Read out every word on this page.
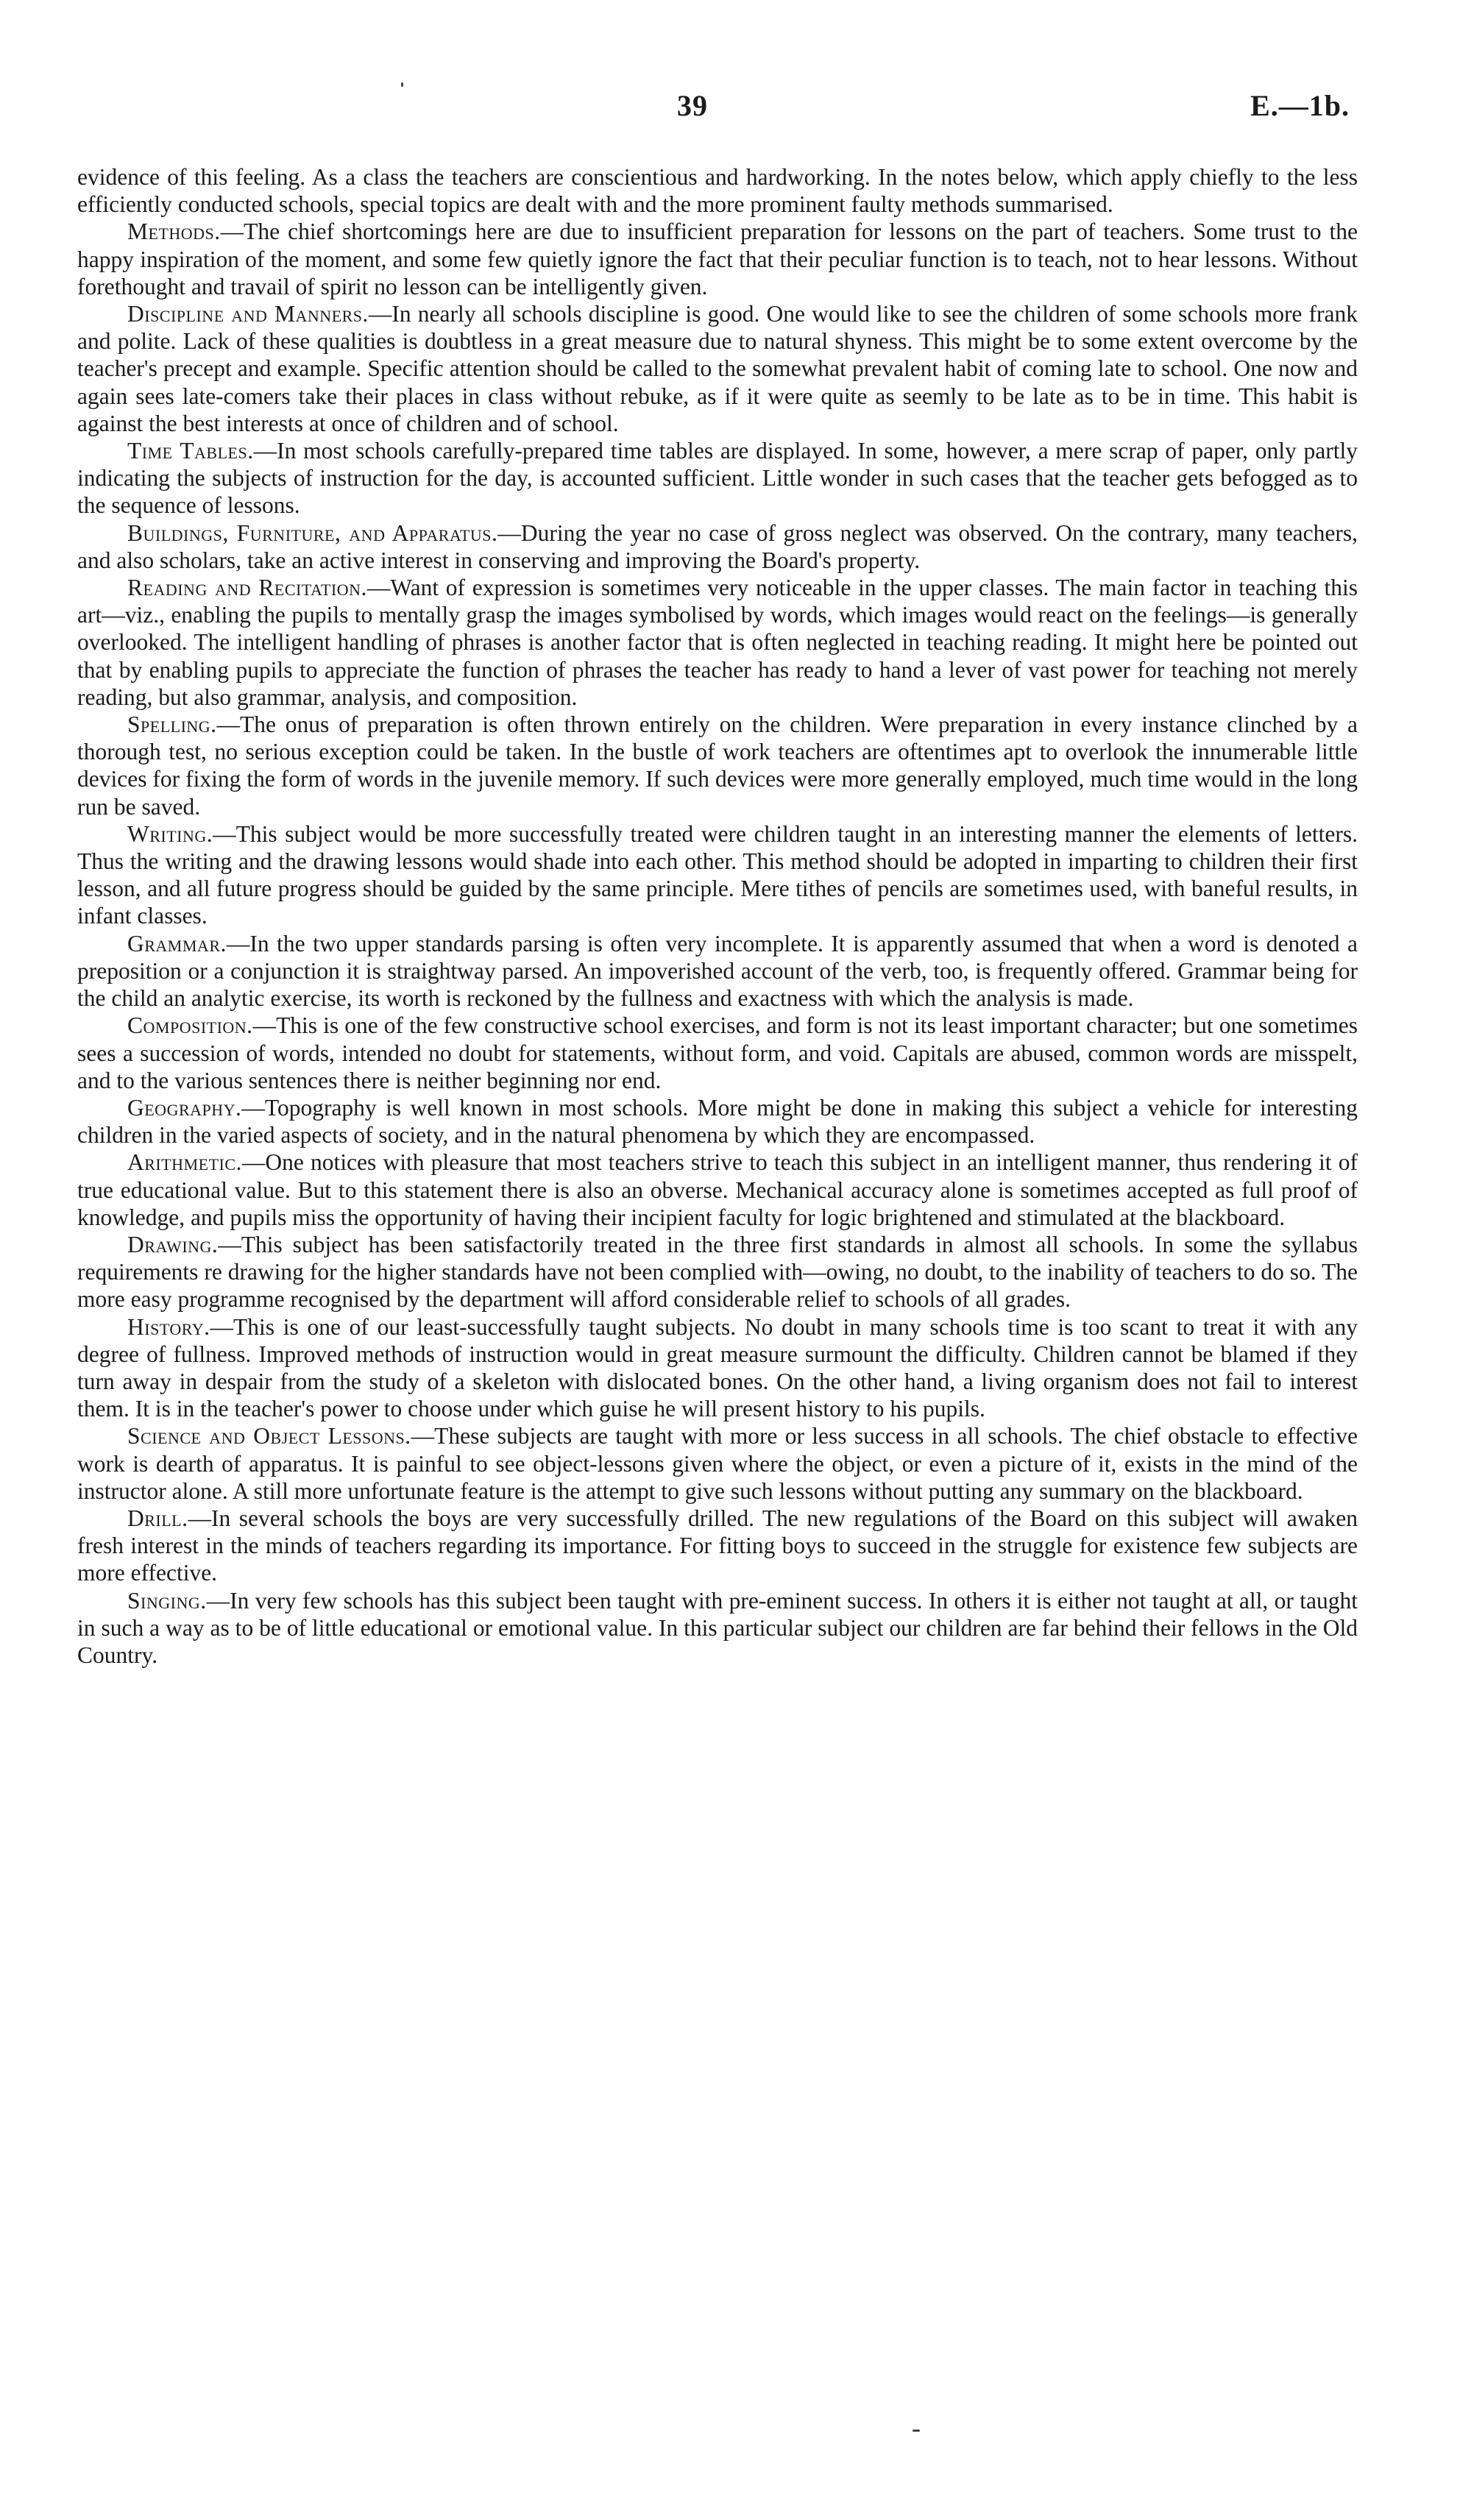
39	E.—1b.

evidence of this feeling. As a class the teachers are conscientious and hardworking. In the notes below, which apply chiefly to the less efficiently conducted schools, special topics are dealt with and the more prominent faulty methods summarised.

Methods.—The chief shortcomings here are due to insufficient preparation for lessons on the part of teachers. Some trust to the happy inspiration of the moment, and some few quietly ignore the fact that their peculiar function is to teach, not to hear lessons. Without forethought and travail of spirit no lesson can be intelligently given.

Discipline and Manners.—In nearly all schools discipline is good. One would like to see the children of some schools more frank and polite. Lack of these qualities is doubtless in a great measure due to natural shyness. This might be to some extent overcome by the teacher's precept and example. Specific attention should be called to the somewhat prevalent habit of coming late to school. One now and again sees late-comers take their places in class without rebuke, as if it were quite as seemly to be late as to be in time. This habit is against the best interests at once of children and of school.

Time Tables.—In most schools carefully-prepared time tables are displayed. In some, however, a mere scrap of paper, only partly indicating the subjects of instruction for the day, is accounted sufficient. Little wonder in such cases that the teacher gets befogged as to the sequence of lessons.

Buildings, Furniture, and Apparatus.—During the year no case of gross neglect was observed. On the contrary, many teachers, and also scholars, take an active interest in conserving and improving the Board's property.

Reading and Recitation.—Want of expression is sometimes very noticeable in the upper classes. The main factor in teaching this art—viz., enabling the pupils to mentally grasp the images symbolised by words, which images would react on the feelings—is generally overlooked. The intelligent handling of phrases is another factor that is often neglected in teaching reading. It might here be pointed out that by enabling pupils to appreciate the function of phrases the teacher has ready to hand a lever of vast power for teaching not merely reading, but also grammar, analysis, and composition.

Spelling.—The onus of preparation is often thrown entirely on the children. Were preparation in every instance clinched by a thorough test, no serious exception could be taken. In the bustle of work teachers are oftentimes apt to overlook the innumerable little devices for fixing the form of words in the juvenile memory. If such devices were more generally employed, much time would in the long run be saved.

Writing.—This subject would be more successfully treated were children taught in an interesting manner the elements of letters. Thus the writing and the drawing lessons would shade into each other. This method should be adopted in imparting to children their first lesson, and all future progress should be guided by the same principle. Mere tithes of pencils are sometimes used, with baneful results, in infant classes.

Grammar.—In the two upper standards parsing is often very incomplete. It is apparently assumed that when a word is denoted a preposition or a conjunction it is straightway parsed. An impoverished account of the verb, too, is frequently offered. Grammar being for the child an analytic exercise, its worth is reckoned by the fullness and exactness with which the analysis is made.

Composition.—This is one of the few constructive school exercises, and form is not its least important character; but one sometimes sees a succession of words, intended no doubt for statements, without form, and void. Capitals are abused, common words are misspelt, and to the various sentences there is neither beginning nor end.

Geography.—Topography is well known in most schools. More might be done in making this subject a vehicle for interesting children in the varied aspects of society, and in the natural phenomena by which they are encompassed.

Arithmetic.—One notices with pleasure that most teachers strive to teach this subject in an intelligent manner, thus rendering it of true educational value. But to this statement there is also an obverse. Mechanical accuracy alone is sometimes accepted as full proof of knowledge, and pupils miss the opportunity of having their incipient faculty for logic brightened and stimulated at the blackboard.

Drawing.—This subject has been satisfactorily treated in the three first standards in almost all schools. In some the syllabus requirements re drawing for the higher standards have not been complied with—owing, no doubt, to the inability of teachers to do so. The more easy programme recognised by the department will afford considerable relief to schools of all grades.

History.—This is one of our least-successfully taught subjects. No doubt in many schools time is too scant to treat it with any degree of fullness. Improved methods of instruction would in great measure surmount the difficulty. Children cannot be blamed if they turn away in despair from the study of a skeleton with dislocated bones. On the other hand, a living organism does not fail to interest them. It is in the teacher's power to choose under which guise he will present history to his pupils.

Science and Object Lessons.—These subjects are taught with more or less success in all schools. The chief obstacle to effective work is dearth of apparatus. It is painful to see object-lessons given where the object, or even a picture of it, exists in the mind of the instructor alone. A still more unfortunate feature is the attempt to give such lessons without putting any summary on the blackboard.

Drill.—In several schools the boys are very successfully drilled. The new regulations of the Board on this subject will awaken fresh interest in the minds of teachers regarding its importance. For fitting boys to succeed in the struggle for existence few subjects are more effective.

Singing.—In very few schools has this subject been taught with pre-eminent success. In others it is either not taught at all, or taught in such a way as to be of little educational or emotional value. In this particular subject our children are far behind their fellows in the Old Country.
